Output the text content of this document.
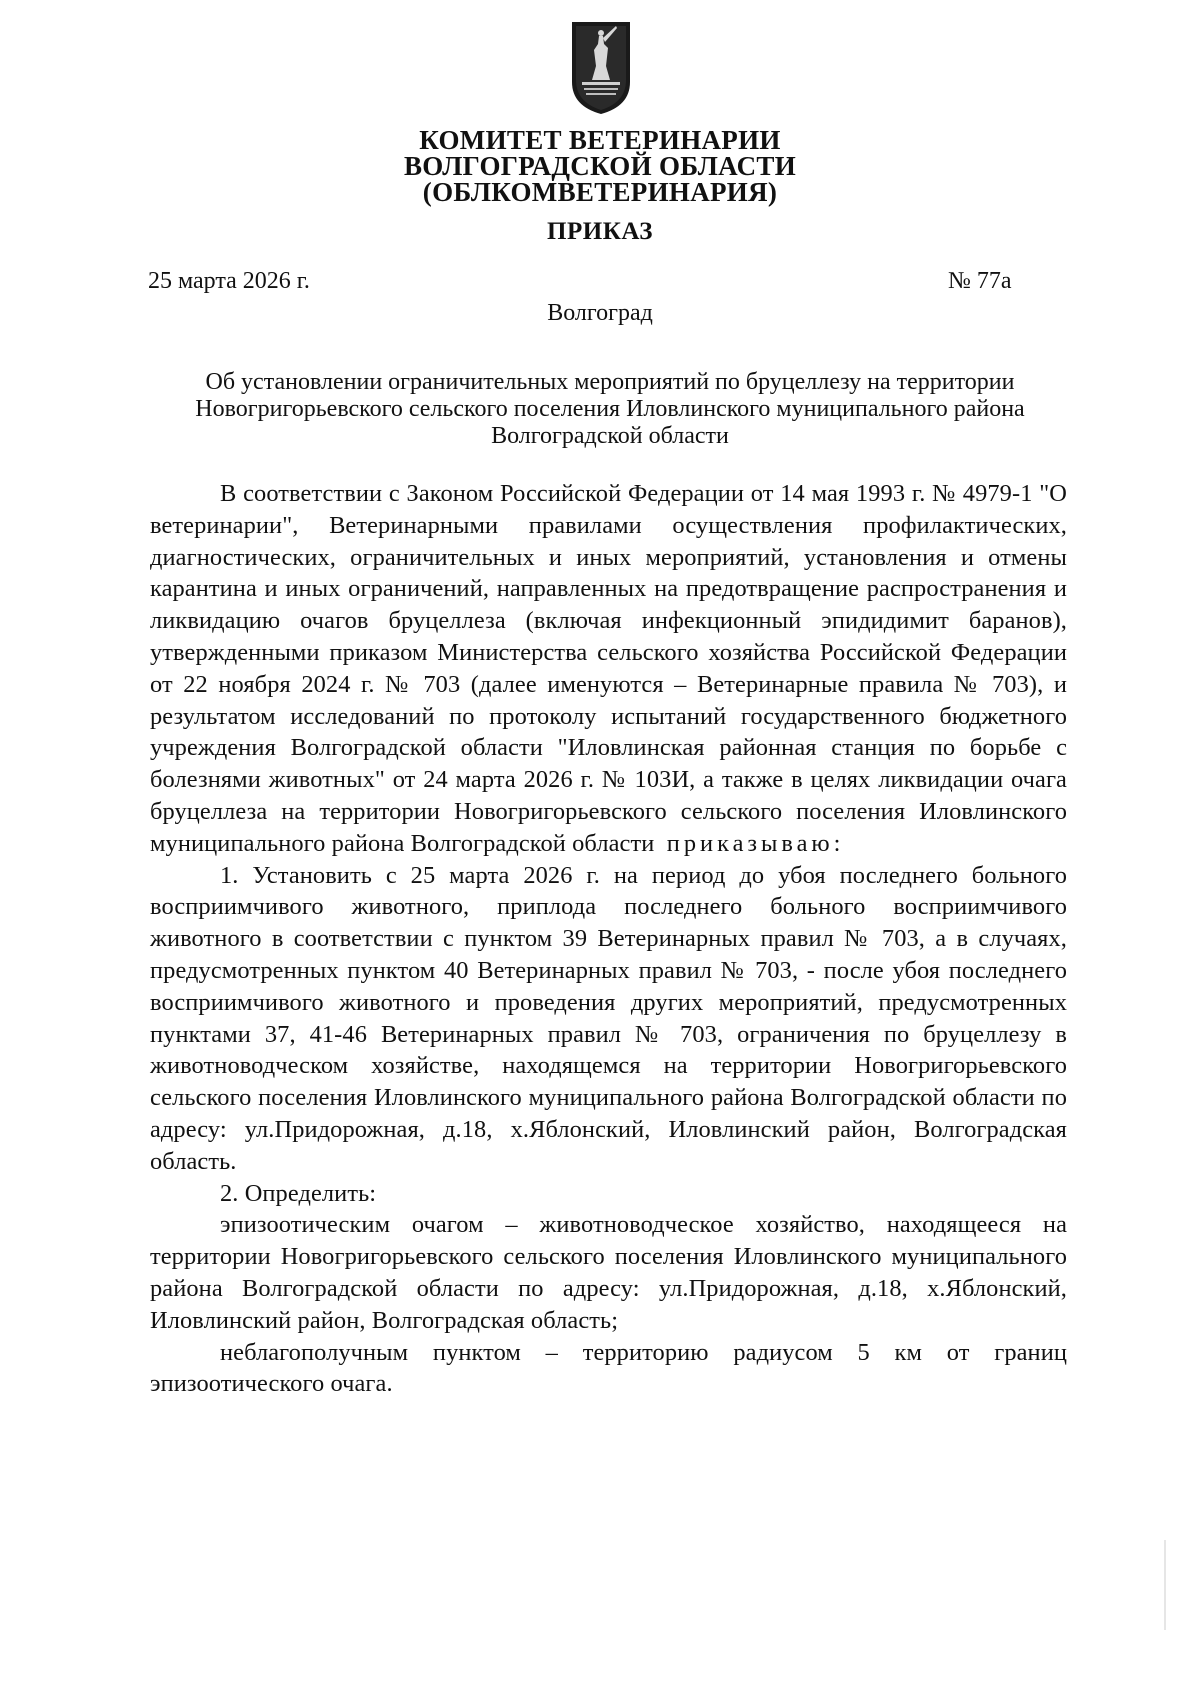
КОМИТЕТ ВЕТЕРИНАРИИ
ВОЛГОГРАДСКОЙ ОБЛАСТИ
(ОБЛКОМВЕТЕРИНАРИЯ)
ПРИКАЗ
25 марта 2026 г.	№ 77а
Волгоград
Об установлении ограничительных мероприятий по бруцеллезу на территории Новогригорьевского сельского поселения Иловлинского муниципального района Волгоградской области

В соответствии с Законом Российской Федерации от 14 мая 1993 г. № 4979-1 "О ветеринарии", Ветеринарными правилами осуществления профилактических, диагностических, ограничительных и иных мероприятий, установления и отмены карантина и иных ограничений, направленных на предотвращение распространения и ликвидацию очагов бруцеллеза (включая инфекционный эпидидимит баранов), утвержденными приказом Министерства сельского хозяйства Российской Федерации от 22 ноября 2024 г. № 703 (далее именуются – Ветеринарные правила № 703), и результатом исследований по протоколу испытаний государственного бюджетного учреждения Волгоградской области "Иловлинская районная станция по борьбе с болезнями животных" от 24 марта 2026 г. № 103И, а также в целях ликвидации очага бруцеллеза на территории Новогригорьевского сельского поселения Иловлинского муниципального района Волгоградской области приказываю:

1. Установить с 25 марта 2026 г. на период до убоя последнего больного восприимчивого животного, приплода последнего больного восприимчивого животного в соответствии с пунктом 39 Ветеринарных правил № 703, а в случаях, предусмотренных пунктом 40 Ветеринарных правил № 703, - после убоя последнего восприимчивого животного и проведения других мероприятий, предусмотренных пунктами 37, 41-46 Ветеринарных правил № 703, ограничения по бруцеллезу в животноводческом хозяйстве, находящемся на территории Новогригорьевского сельского поселения Иловлинского муниципального района Волгоградской области по адресу: ул.Придорожная, д.18, х.Яблонский, Иловлинский район, Волгоградская область.

2. Определить:

эпизоотическим очагом – животноводческое хозяйство, находящееся на территории Новогригорьевского сельского поселения Иловлинского муниципального района Волгоградской области по адресу: ул.Придорожная, д.18, х.Яблонский, Иловлинский район, Волгоградская область;

неблагополучным пунктом – территорию радиусом 5 км от границ эпизоотического очага.
